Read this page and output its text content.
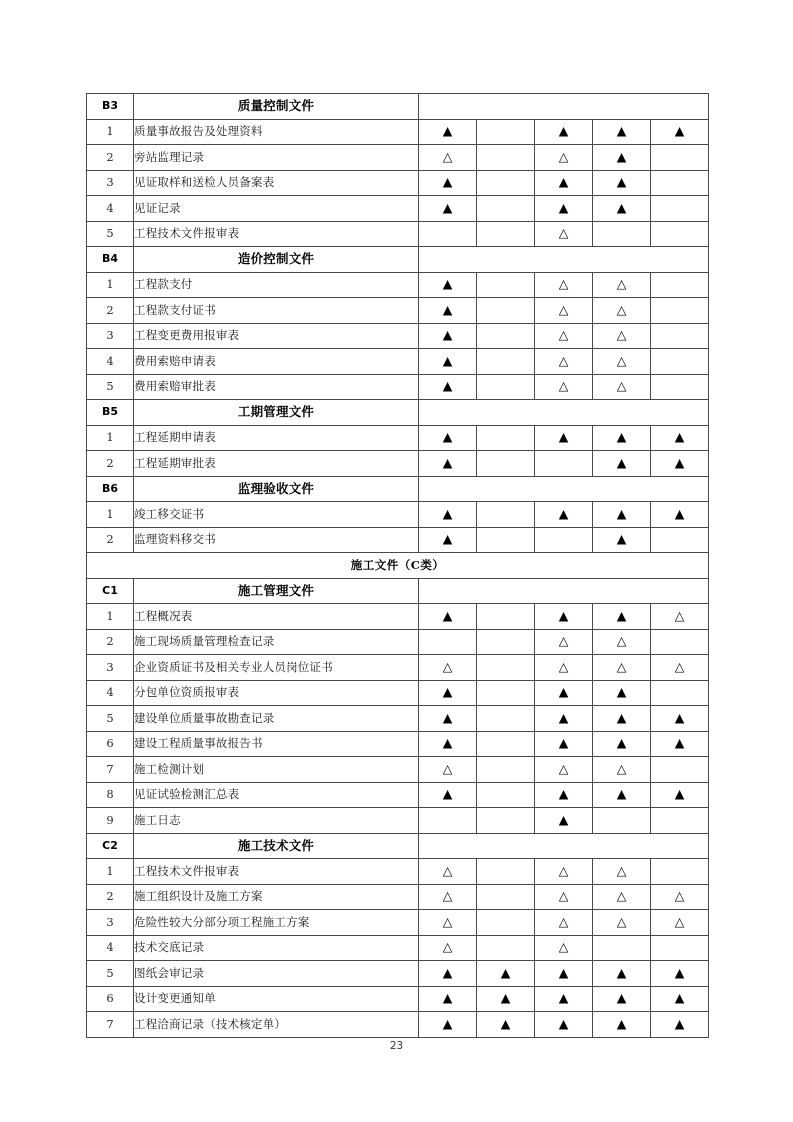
B3	质量控制文件					
1	质量事故报告及处理资料	▲		▲	▲	▲
2	旁站监理记录	△		△	▲	
3	见证取样和送检人员备案表	▲		▲	▲	
4	见证记录	▲		▲	▲	
5	工程技术文件报审表			△		
B4	造价控制文件					
1	工程款支付	▲		△	△	
2	工程款支付证书	▲		△	△	
3	工程变更费用报审表	▲		△	△	
4	费用索赔申请表	▲		△	△	
5	费用索赔审批表	▲		△	△	
B5	工期管理文件					
1	工程延期申请表	▲		▲	▲	▲
2	工程延期审批表	▲			▲	▲
B6	监理验收文件					
1	竣工移交证书	▲		▲	▲	▲
2	监理资料移交书	▲			▲	
施工文件（C类）						
C1	施工管理文件					
1	工程概况表	▲		▲	▲	△
2	施工现场质量管理检查记录			△	△	
3	企业资质证书及相关专业人员岗位证书	△		△	△	△
4	分包单位资质报审表	▲		▲	▲	
5	建设单位质量事故勘查记录	▲		▲	▲	▲
6	建设工程质量事故报告书	▲		▲	▲	▲
7	施工检测计划	△		△	△	
8	见证试验检测汇总表	▲		▲	▲	▲
9	施工日志			▲		
C2	施工技术文件					
1	工程技术文件报审表	△		△	△	
2	施工组织设计及施工方案	△		△	△	△
3	危险性较大分部分项工程施工方案	△		△	△	△
4	技术交底记录	△		△		
5	图纸会审记录	▲	▲	▲	▲	▲
6	设计变更通知单	▲	▲	▲	▲	▲
7	工程洽商记录（技术核定单）	▲	▲	▲	▲	▲
23
